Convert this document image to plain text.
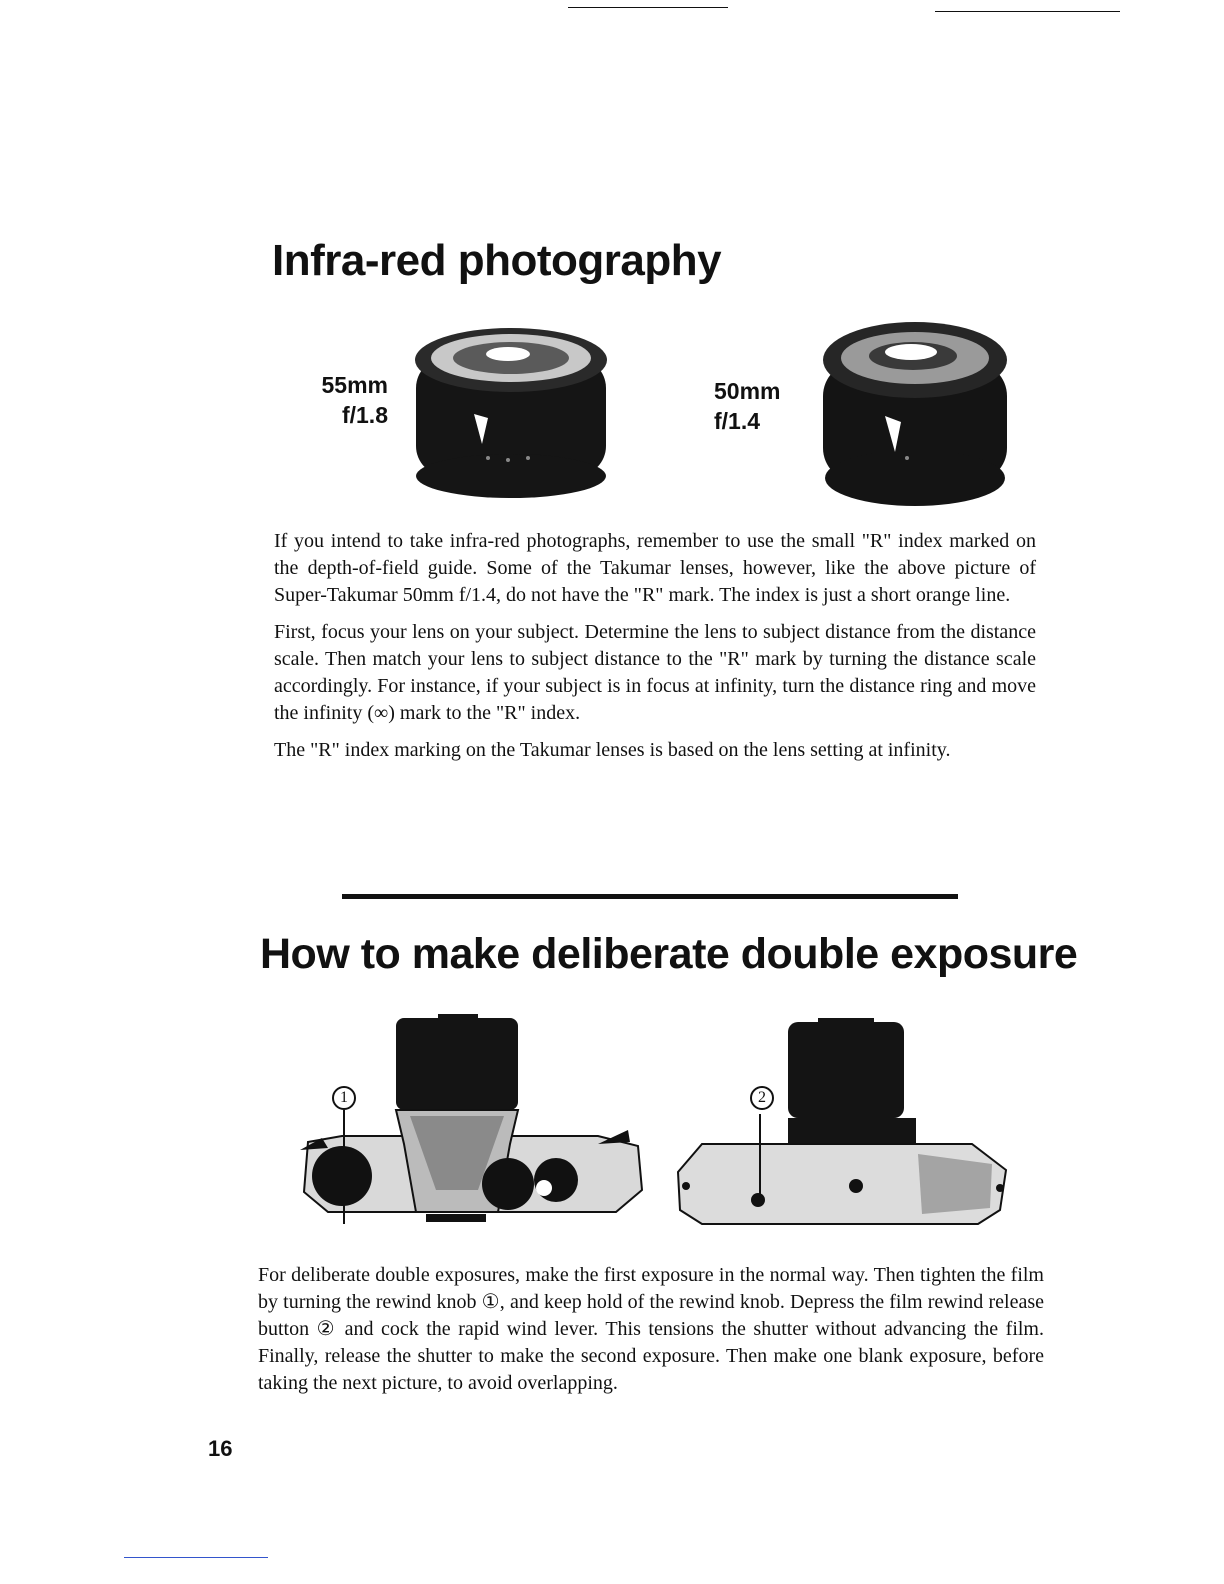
Infra-red photography
55mm
f/1.8
50mm
f/1.4

If you intend to take infra-red photographs, remember to use the small "R" index marked on the depth-of-field guide. Some of the Takumar lenses, however, like the above picture of Super-Takumar 50mm f/1.4, do not have the "R" mark. The index is just a short orange line.

First, focus your lens on your subject. Determine the lens to subject distance from the distance scale. Then match your lens to subject distance to the "R" mark by turning the distance scale accordingly. For instance, if your subject is in focus at infinity, turn the distance ring and move the infinity (∞) mark to the "R" index.

The "R" index marking on the Takumar lenses is based on the lens setting at infinity.

How to make deliberate double exposure
1	2

For deliberate double exposures, make the first exposure in the normal way. Then tighten the film by turning the rewind knob ①, and keep hold of the rewind knob. Depress the film rewind release button ② and cock the rapid wind lever. This tensions the shutter without advancing the film. Finally, release the shutter to make the second exposure. Then make one blank exposure, before taking the next picture, to avoid overlapping.

16
